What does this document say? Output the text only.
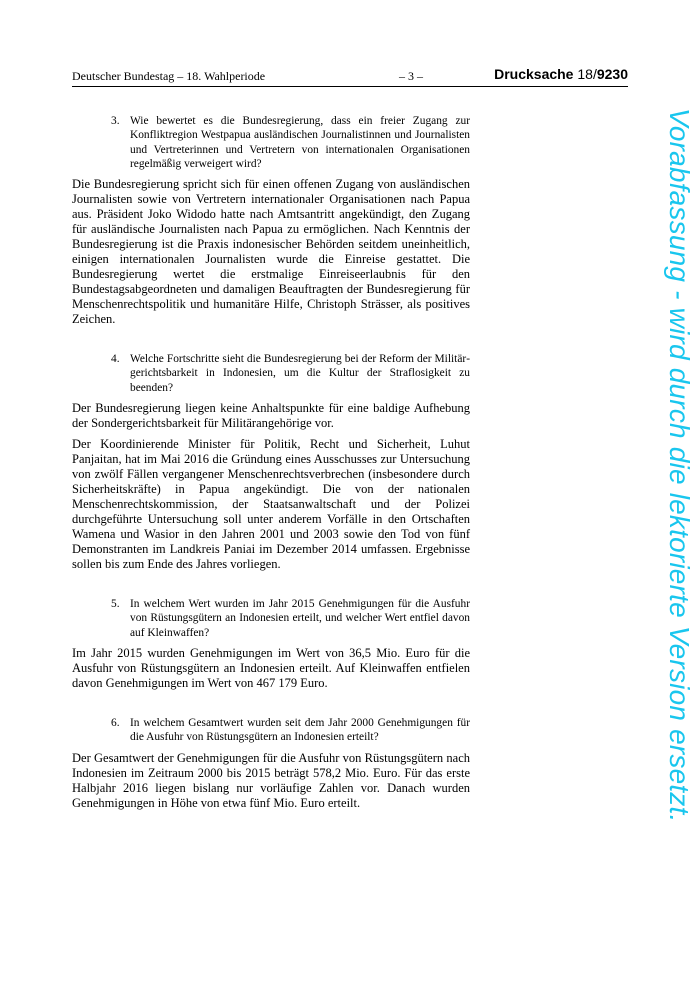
Deutscher Bundestag – 18. Wahlperiode	– 3 –	Drucksache 18/9230
3. Wie bewertet es die Bundesregierung, dass ein freier Zugang zur Konfliktregion Westpapua ausländischen Journalistinnen und Journalisten und Vertreterinnen und Vertretern von internationalen Organisationen regelmäßig verweigert wird?

Die Bundesregierung spricht sich für einen offenen Zugang von ausländischen Journalisten sowie von Vertretern internationaler Organisationen nach Papua aus. Präsident Joko Widodo hatte nach Amtsantritt angekündigt, den Zugang für ausländische Journalisten nach Papua zu ermöglichen. Nach Kenntnis der Bundesregierung ist die Praxis indonesischer Behörden seitdem uneinheitlich, einigen internationalen Journalisten wurde die Einreise gestattet. Die Bundesregierung wertet die erstmalige Einreiseerlaubnis für den Bundestagsabgeordneten und damaligen Beauftragten der Bundesregierung für Menschenrechtspolitik und humanitäre Hilfe, Christoph Strässer, als positives Zeichen.

4. Welche Fortschritte sieht die Bundesregierung bei der Reform der Militärgerichtsbarkeit in Indonesien, um die Kultur der Straflosigkeit zu beenden?

Der Bundesregierung liegen keine Anhaltspunkte für eine baldige Aufhebung der Sondergerichtsbarkeit für Militärangehörige vor.

Der Koordinierende Minister für Politik, Recht und Sicherheit, Luhut Panjaitan, hat im Mai 2016 die Gründung eines Ausschusses zur Untersuchung von zwölf Fällen vergangener Menschenrechtsverbrechen (insbesondere durch Sicherheitskräfte) in Papua angekündigt. Die von der nationalen Menschenrechtskommission, der Staatsanwaltschaft und der Polizei durchgeführte Untersuchung soll unter anderem Vorfälle in den Ortschaften Wamena und Wasior in den Jahren 2001 und 2003 sowie den Tod von fünf Demonstranten im Landkreis Paniai im Dezember 2014 umfassen. Ergebnisse sollen bis zum Ende des Jahres vorliegen.

5. In welchem Wert wurden im Jahr 2015 Genehmigungen für die Ausfuhr von Rüstungsgütern an Indonesien erteilt, und welcher Wert entfiel davon auf Kleinwaffen?

Im Jahr 2015 wurden Genehmigungen im Wert von 36,5 Mio. Euro für die Ausfuhr von Rüstungsgütern an Indonesien erteilt. Auf Kleinwaffen entfielen davon Genehmigungen im Wert von 467 179 Euro.

6. In welchem Gesamtwert wurden seit dem Jahr 2000 Genehmigungen für die Ausfuhr von Rüstungsgütern an Indonesien erteilt?

Der Gesamtwert der Genehmigungen für die Ausfuhr von Rüstungsgütern nach Indonesien im Zeitraum 2000 bis 2015 beträgt 578,2 Mio. Euro. Für das erste Halbjahr 2016 liegen bislang nur vorläufige Zahlen vor. Danach wurden Genehmigungen in Höhe von etwa fünf Mio. Euro erteilt.	Vorabfassung - wird durch die lektorierte Version ersetzt.
